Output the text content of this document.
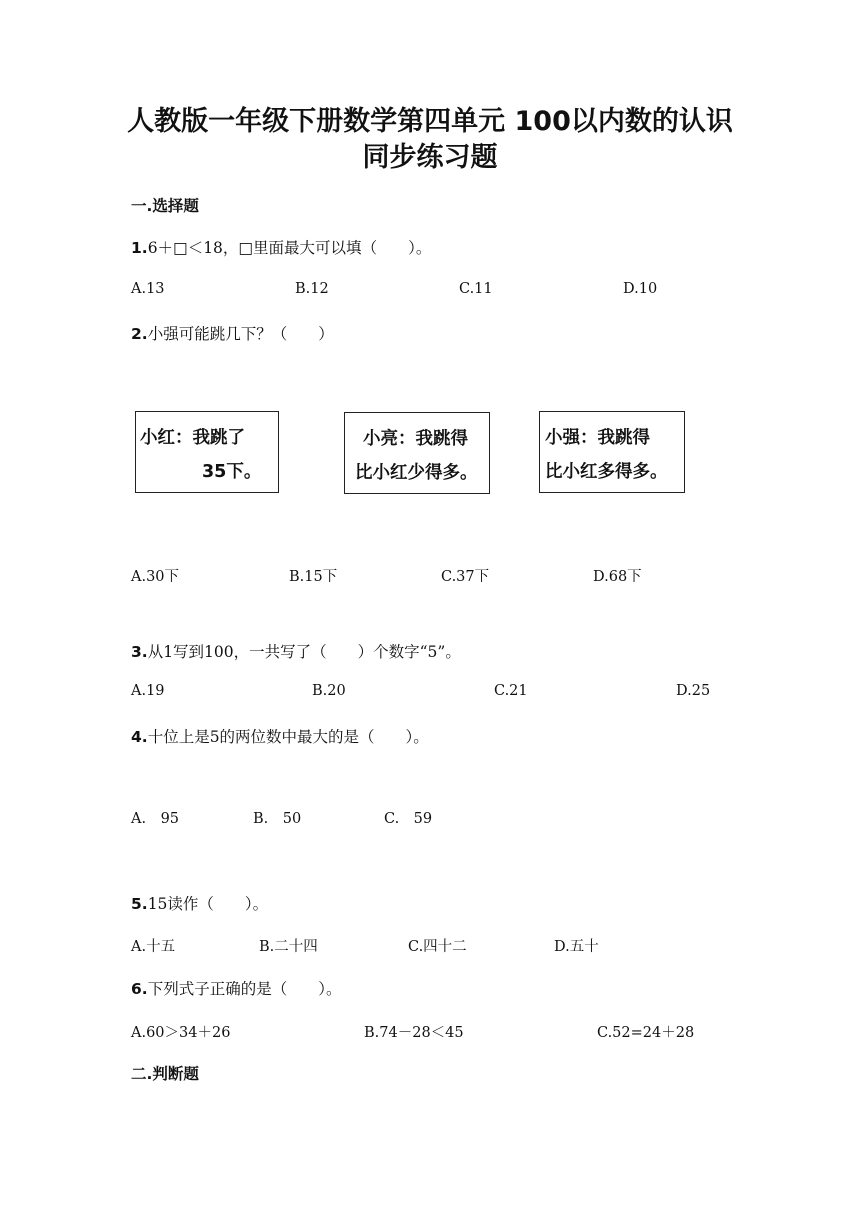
人教版一年级下册数学第四单元 100以内数的认识
同步练习题
一.选择题
1.6＋□＜18，□里面最大可以填（　　）。
A.13	B.12	C.11	D.10
2.小强可能跳几下？（　　）
小红：我跳了
35下。
小亮：我跳得
比小红少得多。
小强：我跳得
比小红多得多。
A.30下	B.15下	C.37下	D.68下
3.从1写到100，一共写了（　　）个数字“5”。
A.19	B.20	C.21	D.25
4.十位上是5的两位数中最大的是（　　）。
A.　95	B.　50	C.　59
5.15读作（　　）。
A.十五	B.二十四	C.四十二	D.五十
6.下列式子正确的是（　　）。
A.60＞34＋26	B.74－28＜45	C.52=24＋28
二.判断题
